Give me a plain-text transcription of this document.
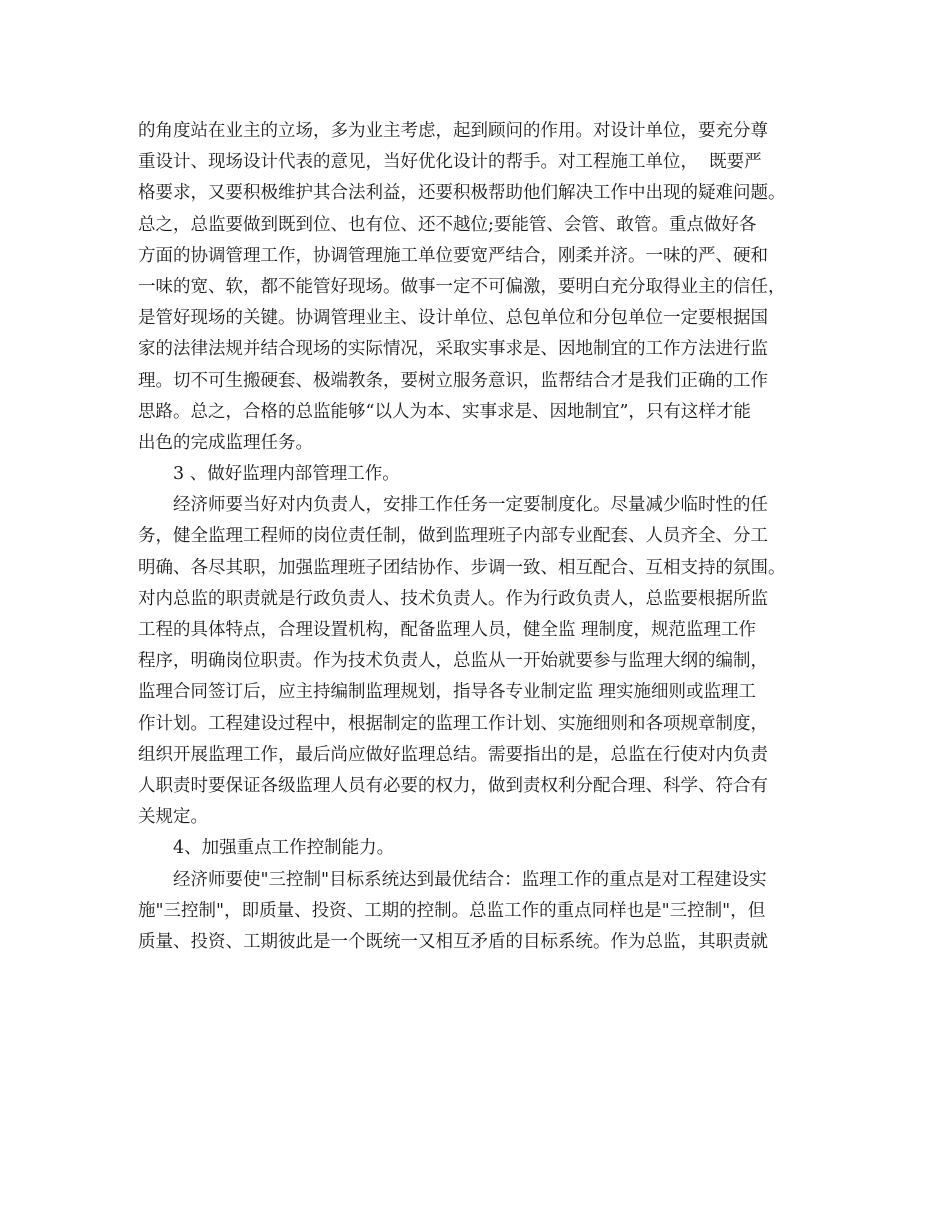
的角度站在业主的立场，多为业主考虑，起到顾问的作用。对设计单位，要充分尊
重设计、现场设计代表的意见，当好优化设计的帮手。对工程施工单位，  既要严
格要求，又要积极维护其合法利益，还要积极帮助他们解决工作中出现的疑难问题。
总之，总监要做到既到位、也有位、还不越位;要能管、会管、敢管。重点做好各
方面的协调管理工作，协调管理施工单位要宽严结合，刚柔并济。一味的严、硬和
一味的宽、软，都不能管好现场。做事一定不可偏激，要明白充分取得业主的信任，
是管好现场的关键。协调管理业主、设计单位、总包单位和分包单位一定要根据国
家的法律法规并结合现场的实际情况，采取实事求是、因地制宜的工作方法进行监
理。切不可生搬硬套、极端教条，要树立服务意识，监帮结合才是我们正确的工作
思路。总之，合格的总监能够“以人为本、实事求是、因地制宜”，只有这样才能
出色的完成监理任务。
3 、做好监理内部管理工作。
经济师要当好对内负责人，安排工作任务一定要制度化。尽量减少临时性的任
务，健全监理工程师的岗位责任制，做到监理班子内部专业配套、人员齐全、分工
明确、各尽其职，加强监理班子团结协作、步调一致、相互配合、互相支持的氛围。
对内总监的职责就是行政负责人、技术负责人。作为行政负责人，总监要根据所监
工程的具体特点，合理设置机构，配备监理人员，健全监 理制度，规范监理工作
程序，明确岗位职责。作为技术负责人，总监从一开始就要参与监理大纲的编制，
监理合同签订后，应主持编制监理规划，指导各专业制定监 理实施细则或监理工
作计划。工程建设过程中，根据制定的监理工作计划、实施细则和各项规章制度，
组织开展监理工作，最后尚应做好监理总结。需要指出的是，总监在行使对内负责
人职责时要保证各级监理人员有必要的权力，做到责权利分配合理、科学、符合有
关规定。
4、加强重点工作控制能力。
经济师要使"三控制"目标系统达到最优结合：监理工作的重点是对工程建设实
施"三控制"，即质量、投资、工期的控制。总监工作的重点同样也是"三控制"，但
质量、投资、工期彼此是一个既统一又相互矛盾的目标系统。作为总监，其职责就
